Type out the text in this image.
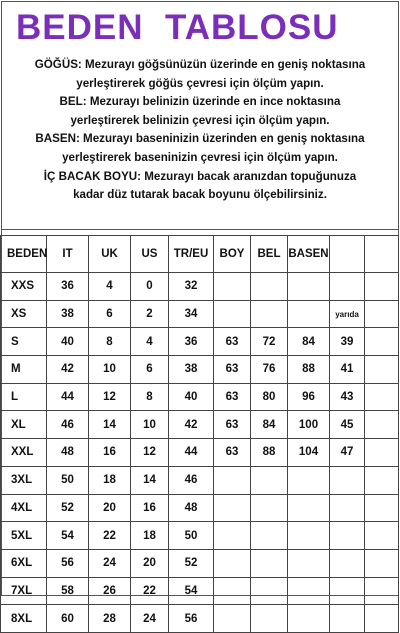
BEDEN  TABLOSU

GÖĞÜS: Mezurayı göğsünüzün üzerinde en geniş noktasına

yerleştirerek göğüs çevresi için ölçüm yapın.

BEL: Mezurayı belinizin üzerinde en ince noktasına

yerleştirerek belinizin çevresi için ölçüm yapın.

BASEN: Mezurayı baseninizin üzerinden en geniş noktasına

yerleştirerek baseninizin çevresi için ölçüm yapın.

İÇ BACAK BOYU: Mezurayı bacak aranızdan topuğunuza

kadar düz tutarak bacak boyunu ölçebilirsiniz.

BEDEN	IT	UK	US	TR/EU	BOY	BEL	BASEN		
XXS	36	4	0	32					
XS	38	6	2	34				yarıda	
S	40	8	4	36	63	72	84	39	
M	42	10	6	38	63	76	88	41	
L	44	12	8	40	63	80	96	43	
XL	46	14	10	42	63	84	100	45	
XXL	48	16	12	44	63	88	104	47	
3XL	50	18	14	46					
4XL	52	20	16	48					
5XL	54	22	18	50					
6XL	56	24	20	52					
7XL	58	26	22	54					
8XL	60	28	24	56					
